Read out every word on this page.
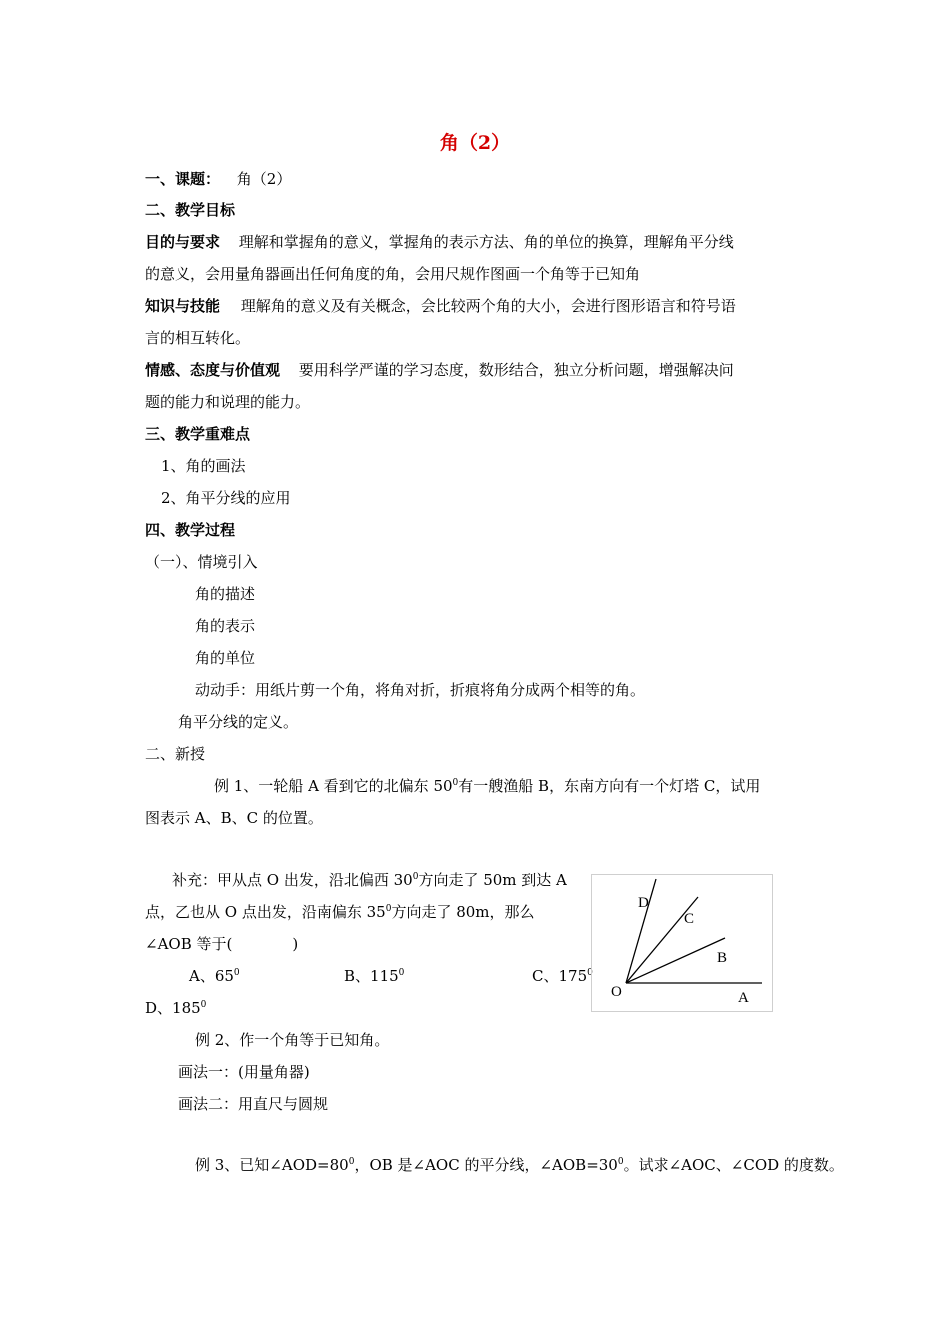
角（2）
一、课题： 角（2）
二、教学目标
目的与要求 理解和掌握角的意义，掌握角的表示方法、角的单位的换算，理解角平分线
的意义，会用量角器画出任何角度的角，会用尺规作图画一个角等于已知角
知识与技能 理解角的意义及有关概念，会比较两个角的大小，会进行图形语言和符号语
言的相互转化。
情感、态度与价值观 要用科学严谨的学习态度，数形结合，独立分析问题，增强解决问
题的能力和说理的能力。
三、教学重难点
1、角的画法
2、角平分线的应用
四、教学过程
（一）、情境引入
角的描述
角的表示
角的单位
动动手：用纸片剪一个角，将角对折，折痕将角分成两个相等的角。
角平分线的定义。
二、新授
例 1、一轮船 A 看到它的北偏东 $50^0$有一艘渔船 B，东南方向有一个灯塔 C，试用
图表示 A、B、C 的位置。
补充：甲从点 O 出发，沿北偏西 $30^0$方向走了 50m 到达 A
点，乙也从 O 点出发，沿南偏东 $35^0$方向走了 80m，那么
∠AOB 等于(　　　　)
A、$65^0$	B、$115^0$	C、$175^0$
D、$185^0$
D
C
B
O	A
例 2、作一个角等于已知角。
画法一：(用量角器)
画法二：用直尺与圆规
例 3、已知$\angle AOD=80^0$，OB 是∠AOC 的平分线，$\angle AOB=30^0$。试求∠AOC、∠COD 的度数。
